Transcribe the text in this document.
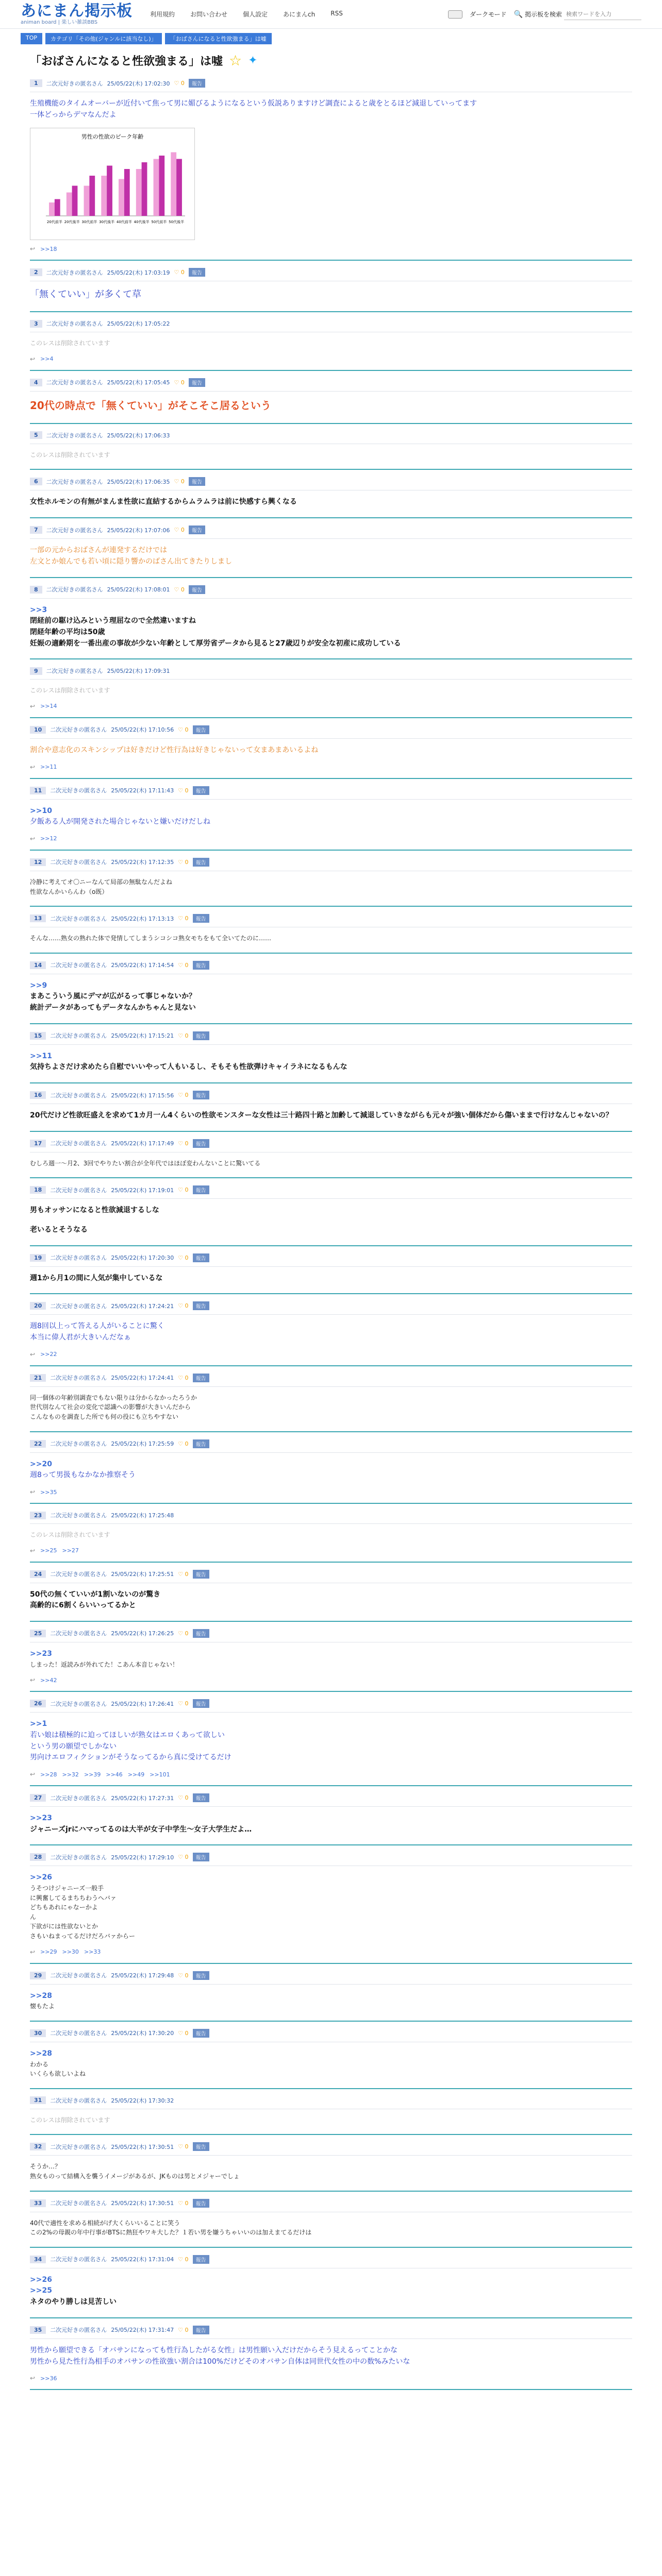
あにまん掲示板
animan board | 楽しい雑談BBS
利用規約	お問い合わせ	個人設定	あにまんch	RSS	ダークモード 🔍 掲示板を検索
検索ワードを入力
TOP	カテゴリ「その他(ジャンルに該当なし)」	「おばさんになると性欲強まる」は嘘
「おばさんになると性欲強まる」は嘘 ☆ ✦
1	二次元好きの匿名さん 25/05/22(木) 17:02:30 ♡ 0	報告
生殖機能のタイムオーバーが近付いて焦って男に媚びるようになるという仮説ありますけど調査によると歳をとるほど減退していってます
一体どっからデマなんだよ
男性の性欲のピーク年齢
20代前半 20代後半 30代前半 30代後半 40代前半 40代後半 50代前半 50代後半
↩ >>18
2	二次元好きの匿名さん 25/05/22(木) 17:03:19 ♡ 0	報告
「無くていい」が多くて草
3	二次元好きの匿名さん 25/05/22(木) 17:05:22
このレスは削除されています
↩ >>4
4	二次元好きの匿名さん 25/05/22(木) 17:05:45 ♡ 0	報告
20代の時点で「無くていい」がそこそこ居るという
5	二次元好きの匿名さん 25/05/22(木) 17:06:33
このレスは削除されています
6	二次元好きの匿名さん 25/05/22(木) 17:06:35 ♡ 0	報告
女性ホルモンの有無がまんま性欲に直結するからムラムラは前に快感すら興くなる
7	二次元好きの匿名さん 25/05/22(木) 17:07:06 ♡ 0	報告
一部の元からおばさんが連発するだけでは
左文とか娘んでも若い頃に隠り響かのばさん出てきたりしまし
8	二次元好きの匿名さん 25/05/22(木) 17:08:01 ♡ 0	報告
>>3
閉経前の駆け込みという理屈なので全然違いますね
閉経年齢の平均は50歳
妊娠の適齢期を一番出産の事故が少ない年齢として厚労省データから見ると27歳辺りが安全な初産に成功している
9	二次元好きの匿名さん 25/05/22(木) 17:09:31
このレスは削除されています
↩ >>14
10	二次元好きの匿名さん 25/05/22(木) 17:10:56 ♡ 0	報告
割合や意志化のスキンシップは好きだけど性行為は好きじゃないって女まあまあいるよね
↩ >>11
11	二次元好きの匿名さん 25/05/22(木) 17:11:43 ♡ 0	報告
>>10
夕飯ある人が開発された場合じゃないと嫌いだけだしね
↩ >>12
12	二次元好きの匿名さん 25/05/22(木) 17:12:35 ♡ 0	報告
冷静に考えてオ〇ニーなんて局部の無駄なんだよね
性欲なんかいらんわ（o既）
13	二次元好きの匿名さん 25/05/22(木) 17:13:13 ♡ 0	報告
そんな……熟女の熟れた体で発情してしまうシコシコ熟女モちをもて全いてたのに……
14	二次元好きの匿名さん 25/05/22(木) 17:14:54 ♡ 0	報告
>>9
まあこういう風にデマが広がるって事じゃないか？
統計データがあってもデータなんかちゃんと見ない
15	二次元好きの匿名さん 25/05/22(木) 17:15:21 ♡ 0	報告
>>11
気持ちよさだけ求めたら自慰でいいやって人もいるし、そもそも性欲弾けキャイラネになるもんな
16	二次元好きの匿名さん 25/05/22(木) 17:15:56 ♡ 0	報告
20代だけど性欲旺盛えを求めて1カ月一ん4くらいの性欲モンスターな女性は三十路四十路と加齢して減退していきながらも元々が強い個体だから傷いままで行けなんじゃないの？
17	二次元好きの匿名さん 25/05/22(木) 17:17:49 ♡ 0	報告
むしろ週一〜月2、3回でやりたい割合が全年代ではほぼ変わんないことに驚いてる
18	二次元好きの匿名さん 25/05/22(木) 17:19:01 ♡ 0	報告
男もオッサンになると性欲減退するしな
老いるとそうなる
19	二次元好きの匿名さん 25/05/22(木) 17:20:30 ♡ 0	報告
週1から月1の間に人気が集中しているな
20	二次元好きの匿名さん 25/05/22(木) 17:24:21 ♡ 0	報告
週8回以上って答える人がいることに驚く
本当に偉人君が大きいんだなぁ
↩ >>22
21	二次元好きの匿名さん 25/05/22(木) 17:24:41 ♡ 0	報告
同一個体の年齢別調査でもない限りは分からなかったろうか
世代別なんて社会の変化で認識への影響が大きいんだから
こんなものを調査した所でも何の役にも立ちやすない
22	二次元好きの匿名さん 25/05/22(木) 17:25:59 ♡ 0	報告
>>20
週8って男扱もなかなか推察そう
↩ >>35
23	二次元好きの匿名さん 25/05/22(木) 17:25:48
このレスは削除されています
↩ >>25 >>27
24	二次元好きの匿名さん 25/05/22(木) 17:25:51 ♡ 0	報告
50代の無くていいが1割いないのが驚き
高齢的に6割くらいいってるかと
25	二次元好きの匿名さん 25/05/22(木) 17:26:25 ♡ 0	報告
>>23
しまった！返読みが外れてた！こあん本音じゃない！
↩ >>42
26	二次元好きの匿名さん 25/05/22(木) 17:26:41 ♡ 0	報告
>>1
若い娘は積極的に迫ってほしいが熟女はエロくあって欲しい
という男の願望でしかない
男向けエロフィクションがそうなってるから真に受けてるだけ
↩ >>28 >>32 >>39 >>46 >>49 >>101
27	二次元好きの匿名さん 25/05/22(木) 17:27:31 ♡ 0	報告
>>23
ジャニーズjrにハマってるのは大半が女子中学生〜女子大学生だよ…
28	二次元好きの匿名さん 25/05/22(木) 17:29:10 ♡ 0	報告
>>26
うそつけジャニーズ一般手
に興奮してるまちちわうへバァ
どちもあれにゃなーかよ
ん
下欲がには性欲ないとか
さもいねまってるだけだろバァからー
↩ >>29 >>30 >>33
29	二次元好きの匿名さん 25/05/22(木) 17:29:48 ♡ 0	報告
>>28
懐もたよ
30	二次元好きの匿名さん 25/05/22(木) 17:30:20 ♡ 0	報告
>>28
わかる
いくらも欲しいよね
31	二次元好きの匿名さん 25/05/22(木) 17:30:32
このレスは削除されています
32	二次元好きの匿名さん 25/05/22(木) 17:30:51 ♡ 0	報告
そうか…？
熟女ものって結構入を襲うイメージがあるが、JKものは男とメジャーでしょ
33	二次元好きの匿名さん 25/05/22(木) 17:30:51 ♡ 0	報告
40代で適性を求める相続がげ大くらいいることに笑う
この2%の母親の年中行事がBTSに熱狂やワキ大した？１若い男を嫌うちゃいいのは加えまてるだけは
34	二次元好きの匿名さん 25/05/22(木) 17:31:04 ♡ 0	報告
>>26
>>25
ネタのやり勝しは見苦しい
35	二次元好きの匿名さん 25/05/22(木) 17:31:47 ♡ 0	報告
男性から願望できる「オバサンになっても性行為したがる女性」は男性願い入だけだからそう見えるってことかな
男性から見た性行為相手のオバサンの性欲強い割合は100%だけどそのオバサン自体は同世代女性の中の数%みたいな
↩ >>36
